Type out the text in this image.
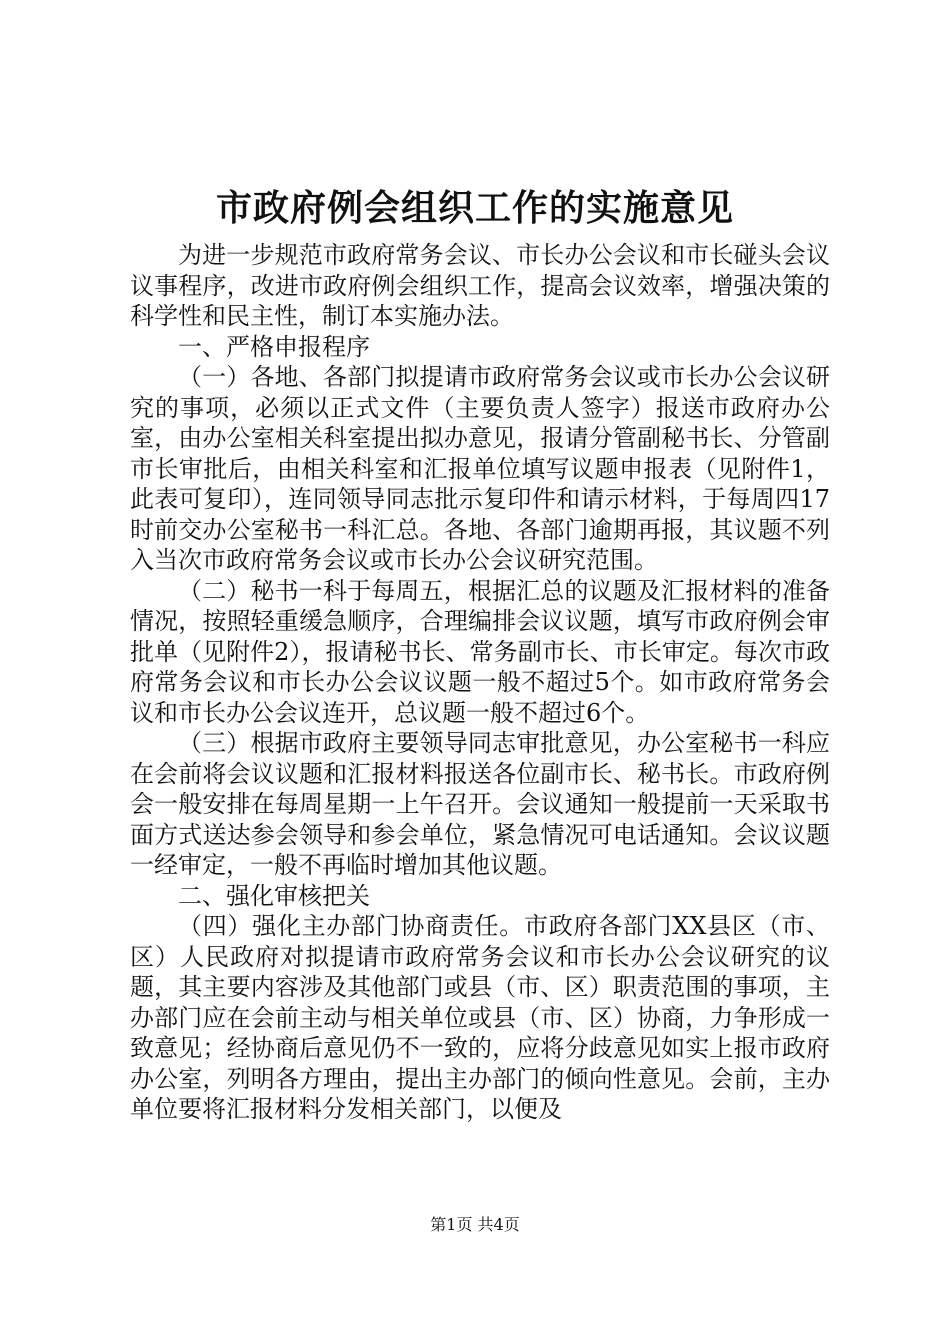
市政府例会组织工作的实施意见

为进一步规范市政府常务会议、市长办公会议和市长碰头会议议事程序，改进市政府例会组织工作，提高会议效率，增强决策的科学性和民主性，制订本实施办法。

一、严格申报程序

（一）各地、各部门拟提请市政府常务会议或市长办公会议研究的事项，必须以正式文件（主要负责人签字）报送市政府办公室，由办公室相关科室提出拟办意见，报请分管副秘书长、分管副市长审批后，由相关科室和汇报单位填写议题申报表（见附件1，此表可复印），连同领导同志批示复印件和请示材料，于每周四17时前交办公室秘书一科汇总。各地、各部门逾期再报，其议题不列入当次市政府常务会议或市长办公会议研究范围。

（二）秘书一科于每周五，根据汇总的议题及汇报材料的准备情况，按照轻重缓急顺序，合理编排会议议题，填写市政府例会审批单（见附件2），报请秘书长、常务副市长、市长审定。每次市政府常务会议和市长办公会议议题一般不超过5个。如市政府常务会议和市长办公会议连开，总议题一般不超过6个。

（三）根据市政府主要领导同志审批意见，办公室秘书一科应在会前将会议议题和汇报材料报送各位副市长、秘书长。市政府例会一般安排在每周星期一上午召开。会议通知一般提前一天采取书面方式送达参会领导和参会单位，紧急情况可电话通知。会议议题一经审定，一般不再临时增加其他议题。

二、强化审核把关

（四）强化主办部门协商责任。市政府各部门XX县区（市、区）人民政府对拟提请市政府常务会议和市长办公会议研究的议题，其主要内容涉及其他部门或县（市、区）职责范围的事项，主办部门应在会前主动与相关单位或县（市、区）协商，力争形成一致意见；经协商后意见仍不一致的，应将分歧意见如实上报市政府办公室，列明各方理由，提出主办部门的倾向性意见。会前，主办单位要将汇报材料分发相关部门，以便及

第1页 共4页
